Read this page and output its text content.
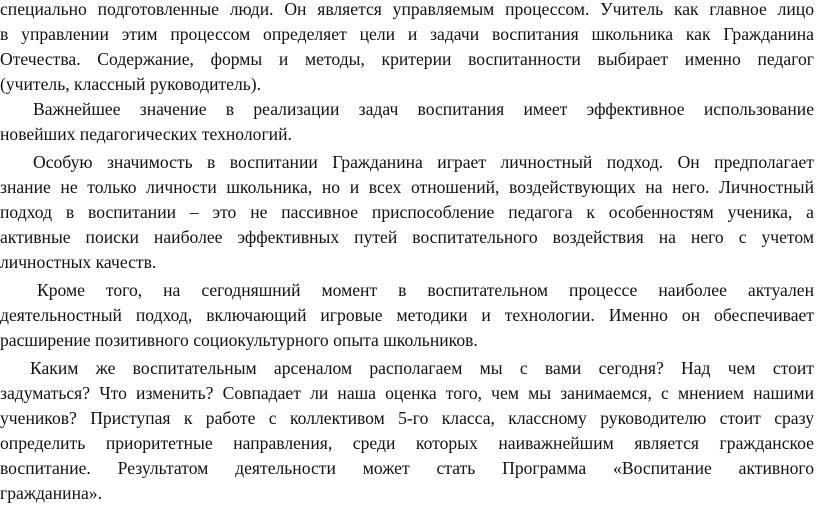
специально подготовленные люди. Он является управляемым процессом. Учитель как главное лицо
в управлении этим процессом определяет цели и задачи воспитания школьника как Гражданина
Отечества. Содержание, формы и методы, критерии воспитанности выбирает именно педагог
(учитель, классный руководитель).
Важнейшее значение в реализации задач воспитания имеет эффективное использование
новейших педагогических технологий.
Особую значимость в воспитании Гражданина играет личностный подход. Он предполагает
знание не только личности школьника, но и всех отношений, воздействующих на него. Личностный
подход в воспитании – это не пассивное приспособление педагога к особенностям ученика, а
активные поиски наиболее эффективных путей воспитательного воздействия на него с учетом
личностных качеств.
Кроме того, на сегодняшний момент в воспитательном процессе наиболее актуален
деятельностный подход, включающий игровые методики и технологии. Именно он обеспечивает
расширение позитивного социокультурного опыта школьников.
Каким же воспитательным арсеналом располагаем мы с вами сегодня? Над чем стоит
задуматься? Что изменить? Совпадает ли наша оценка того, чем мы занимаемся, с мнением нашими
учеников? Приступая к работе с коллективом 5-го класса, классному руководителю стоит сразу
определить приоритетные направления, среди которых наиважнейшим является гражданское
воспитание. Результатом деятельности может стать Программа «Воспитание активного
гражданина».
